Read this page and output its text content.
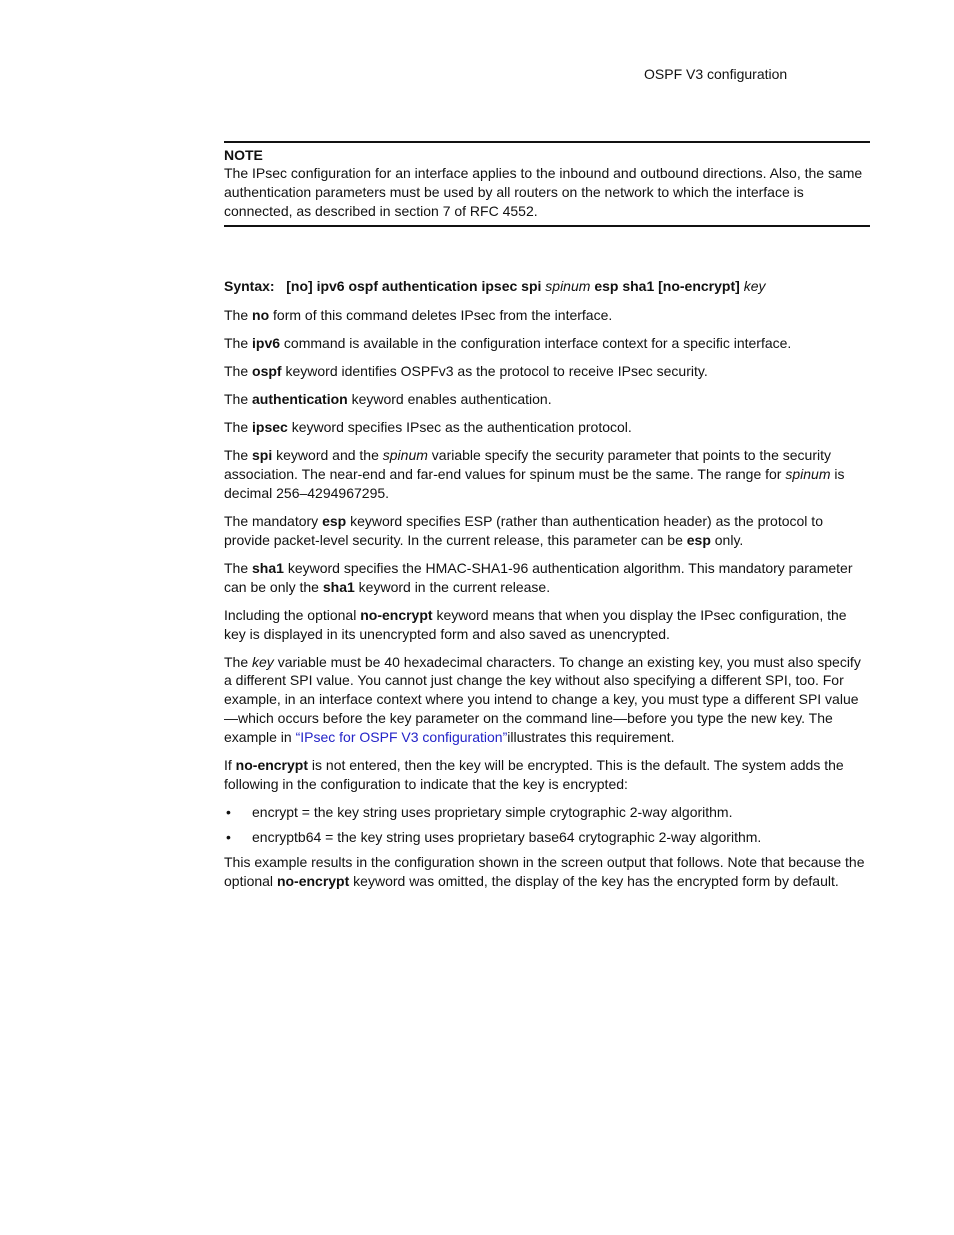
OSPF V3 configuration
NOTE
The IPsec configuration for an interface applies to the inbound and outbound directions. Also, the same authentication parameters must be used by all routers on the network to which the interface is connected, as described in section 7 of RFC 4552.

Syntax: [no] ipv6 ospf authentication ipsec spi spinum esp sha1 [no-encrypt] key

The no form of this command deletes IPsec from the interface.

The ipv6 command is available in the configuration interface context for a specific interface.

The ospf keyword identifies OSPFv3 as the protocol to receive IPsec security.

The authentication keyword enables authentication.

The ipsec keyword specifies IPsec as the authentication protocol.

The spi keyword and the spinum variable specify the security parameter that points to the security association. The near-end and far-end values for spinum must be the same. The range for spinum is decimal 256–4294967295.

The mandatory esp keyword specifies ESP (rather than authentication header) as the protocol to provide packet-level security. In the current release, this parameter can be esp only.

The sha1 keyword specifies the HMAC-SHA1-96 authentication algorithm. This mandatory parameter can be only the sha1 keyword in the current release.

Including the optional no-encrypt keyword means that when you display the IPsec configuration, the key is displayed in its unencrypted form and also saved as unencrypted.

The key variable must be 40 hexadecimal characters. To change an existing key, you must also specify a different SPI value. You cannot just change the key without also specifying a different SPI, too. For example, in an interface context where you intend to change a key, you must type a different SPI value—which occurs before the key parameter on the command line—before you type the new key. The example in “IPsec for OSPF V3 configuration”illustrates this requirement.

If no-encrypt is not entered, then the key will be encrypted. This is the default. The system adds the following in the configuration to indicate that the key is encrypted:

• encrypt = the key string uses proprietary simple crytographic 2-way algorithm.
• encryptb64 = the key string uses proprietary base64 crytographic 2-way algorithm.

This example results in the configuration shown in the screen output that follows. Note that because the optional no-encrypt keyword was omitted, the display of the key has the encrypted form by default.
